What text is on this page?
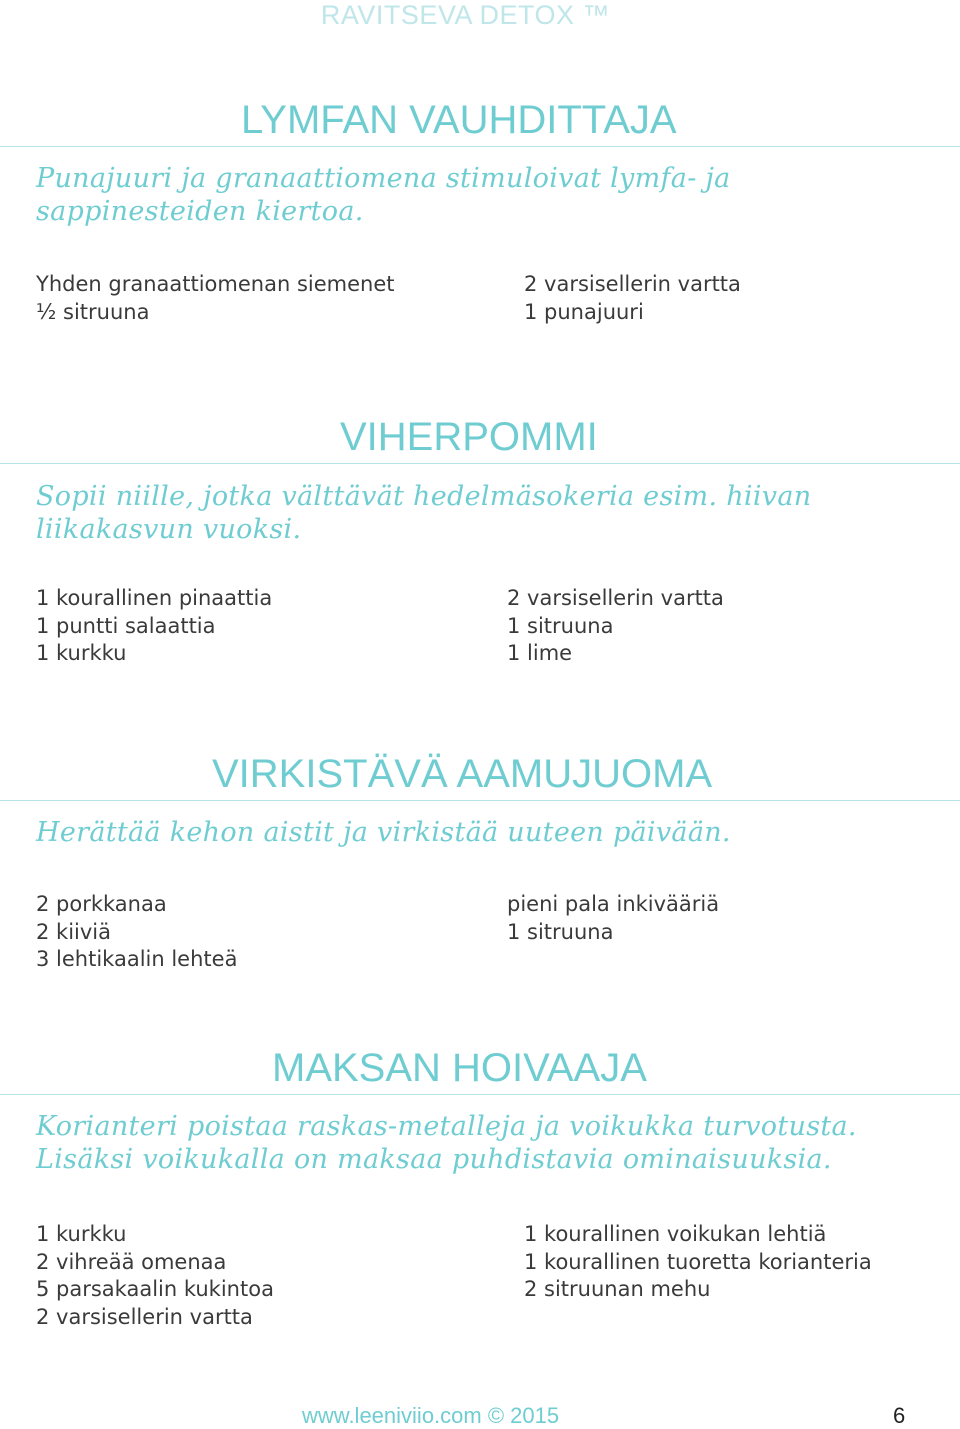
RAVITSEVA DETOX ™
LYMFAN VAUHDITTAJA
Punajuuri ja granaattiomena stimuloivat lymfa- ja sappinesteiden kiertoa.
Yhden granaattiomenan siemenet
½ sitruuna
2 varsisellerin vartta
1 punajuuri
VIHERPOMMI
Sopii niille, jotka välttävät hedelmäsokeria esim. hiivan liikakasvun vuoksi.
1 kourallinen pinaattia
1 puntti salaattia
1 kurkku
2 varsisellerin vartta
1 sitruuna
1 lime
VIRKISTÄVÄ AAMUJUOMA
Herättää kehon aistit ja virkistää uuteen päivään.
2 porkkanaa
2 kiiviä
3 lehtikaalin lehteä
pieni pala inkivääriä
1 sitruuna
MAKSAN HOIVAAJA
Korianteri poistaa raskas-metalleja ja voikukka turvotusta. Lisäksi voikukalla on maksaa puhdistavia ominaisuuksia.
1 kurkku
2 vihreää omenaa
5 parsakaalin kukintoa
2 varsisellerin vartta
1 kourallinen voikukan lehtiä
1 kourallinen tuoretta korianteria
2 sitruunan mehu
www.leeniviio.com © 2015	6
